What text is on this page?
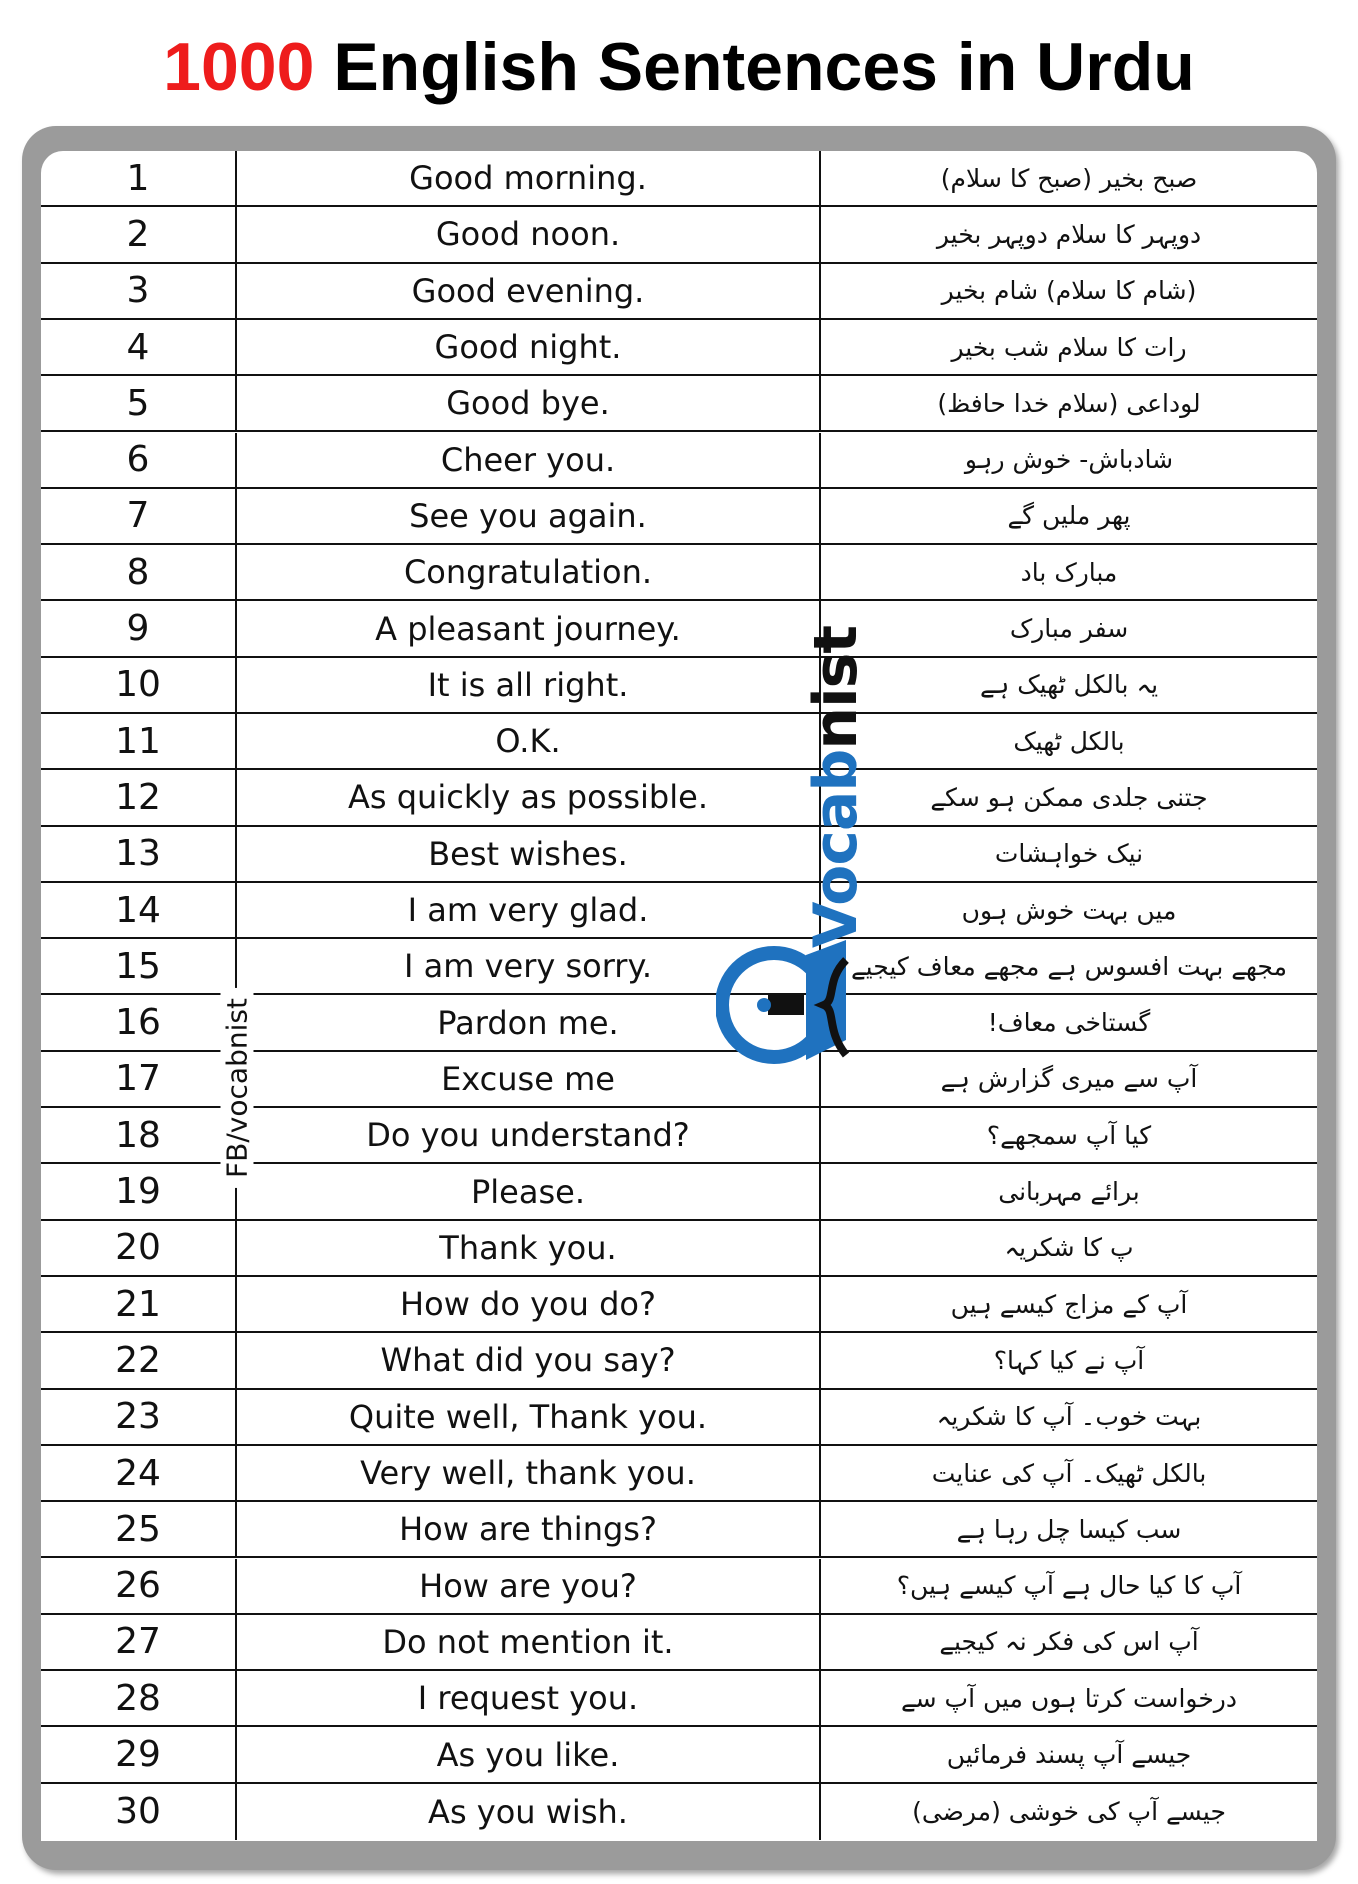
1000 English Sentences in Urdu
1	Good morning.	صبح بخیر (صبح کا سلام)
2	Good noon.	دوپہر کا سلام دوپہر بخیر
3	Good evening.	(شام کا سلام) شام بخیر
4	Good night.	رات کا سلام شب بخیر
5	Good bye.	لوداعی (سلام خدا حافظ)
6	Cheer you.	شادباش- خوش رہو
7	See you again.	پھر ملیں گے
8	Congratulation.	مبارک باد
9	A pleasant journey.	سفر مبارک
10	It is all right.	یہ بالکل ٹھیک ہے
11	O.K.	بالکل ٹھیک
12	As quickly as possible.	جتنی جلدی ممکن ہو سکے
13	Best wishes.	نیک خواہشات
14	I am very glad.	میں بہت خوش ہوں
15	I am very sorry.	مجھے بہت افسوس ہے مجھے معاف کیجیے
16	Pardon me.	گستاخی معاف!
17	Excuse me	آپ سے میری گزارش ہے
18	Do you understand?	کیا آپ سمجھے؟
19	Please.	برائے مہربانی
20	Thank you.	پ کا شکریہ
21	How do you do?	آپ کے مزاج کیسے ہیں
22	What did you say?	آپ نے کیا کہا؟
23	Quite well, Thank you.	بہت خوب۔ آپ کا شکریہ
24	Very well, thank you.	بالکل ٹھیک۔ آپ کی عنایت
25	How are things?	سب کیسا چل رہا ہے
26	How are you?	آپ کا کیا حال ہے آپ کیسے ہیں؟
27	Do not mention it.	آپ اس کی فکر نہ کیجیے
28	I request you.	درخواست کرتا ہوں میں آپ سے
29	As you like.	جیسے آپ پسند فرمائیں
30	As you wish.	جیسے آپ کی خوشی (مرضی)
FB/vocabnist
Vocabnist
